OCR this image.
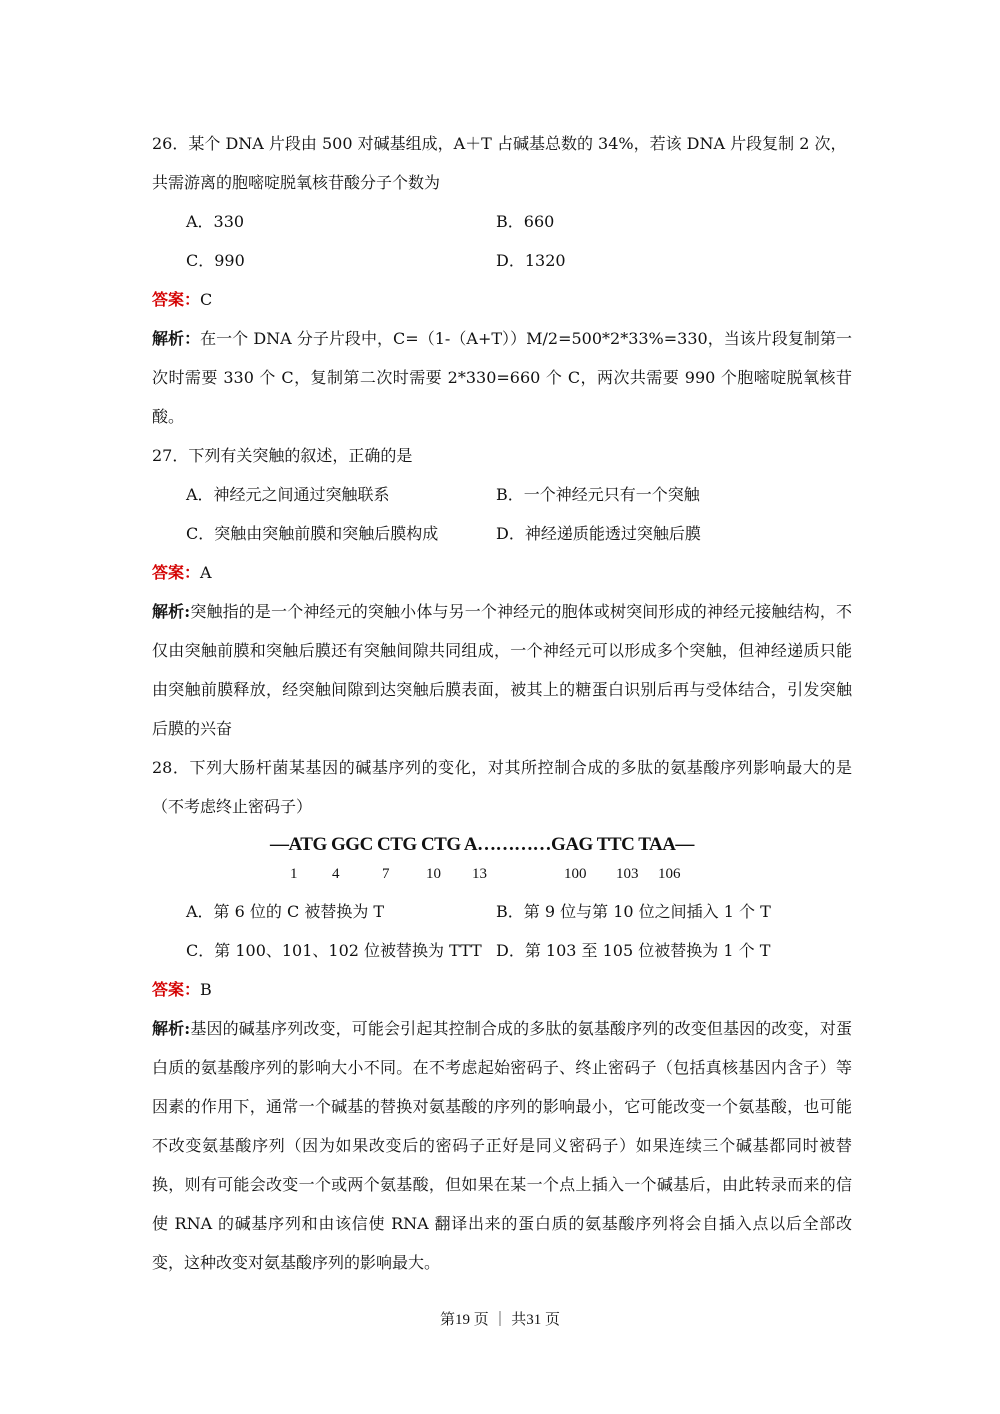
26．某个 DNA 片段由 500 对碱基组成，A＋T 占碱基总数的 34%，若该 DNA 片段复制 2 次，
共需游离的胞嘧啶脱氧核苷酸分子个数为
A．330	B．660
C．990	D．1320
答案：C
解析：在一个 DNA 分子片段中，C=（1-（A+T））M/2=500*2*33%=330，当该片段复制第一次时需要 330 个 C，复制第二次时需要 2*330=660 个 C，两次共需要 990 个胞嘧啶脱氧核苷酸。
27．下列有关突触的叙述，正确的是
A．神经元之间通过突触联系	B．一个神经元只有一个突触
C．突触由突触前膜和突触后膜构成	D．神经递质能透过突触后膜
答案：A
解析:突触指的是一个神经元的突触小体与另一个神经元的胞体或树突间形成的神经元接触结构，不仅由突触前膜和突触后膜还有突触间隙共同组成，一个神经元可以形成多个突触，但神经递质只能由突触前膜释放，经突触间隙到达突触后膜表面，被其上的糖蛋白识别后再与受体结合，引发突触后膜的兴奋
28．下列大肠杆菌某基因的碱基序列的变化，对其所控制合成的多肽的氨基酸序列影响最大的是（不考虑终止密码子）
—ATG GGC CTG CTG A…………GAG TTC TAA—
1 4	7 10 13	100 103 106
A．第 6 位的 C 被替换为 T	B．第 9 位与第 10 位之间插入 1 个 T
C．第 100、101、102 位被替换为 TTT D．第 103 至 105 位被替换为 1 个 T
答案：B
解析:基因的碱基序列改变，可能会引起其控制合成的多肽的氨基酸序列的改变但基因的改变，对蛋白质的氨基酸序列的影响大小不同。在不考虑起始密码子、终止密码子（包括真核基因内含子）等因素的作用下，通常一个碱基的替换对氨基酸的序列的影响最小，它可能改变一个氨基酸，也可能不改变氨基酸序列（因为如果改变后的密码子正好是同义密码子）如果连续三个碱基都同时被替换，则有可能会改变一个或两个氨基酸，但如果在某一个点上插入一个碱基后，由此转录而来的信使 RNA 的碱基序列和由该信使 RNA 翻译出来的蛋白质的氨基酸序列将会自插入点以后全部改变，这种改变对氨基酸序列的影响最大。
第19 页 ｜ 共31 页
